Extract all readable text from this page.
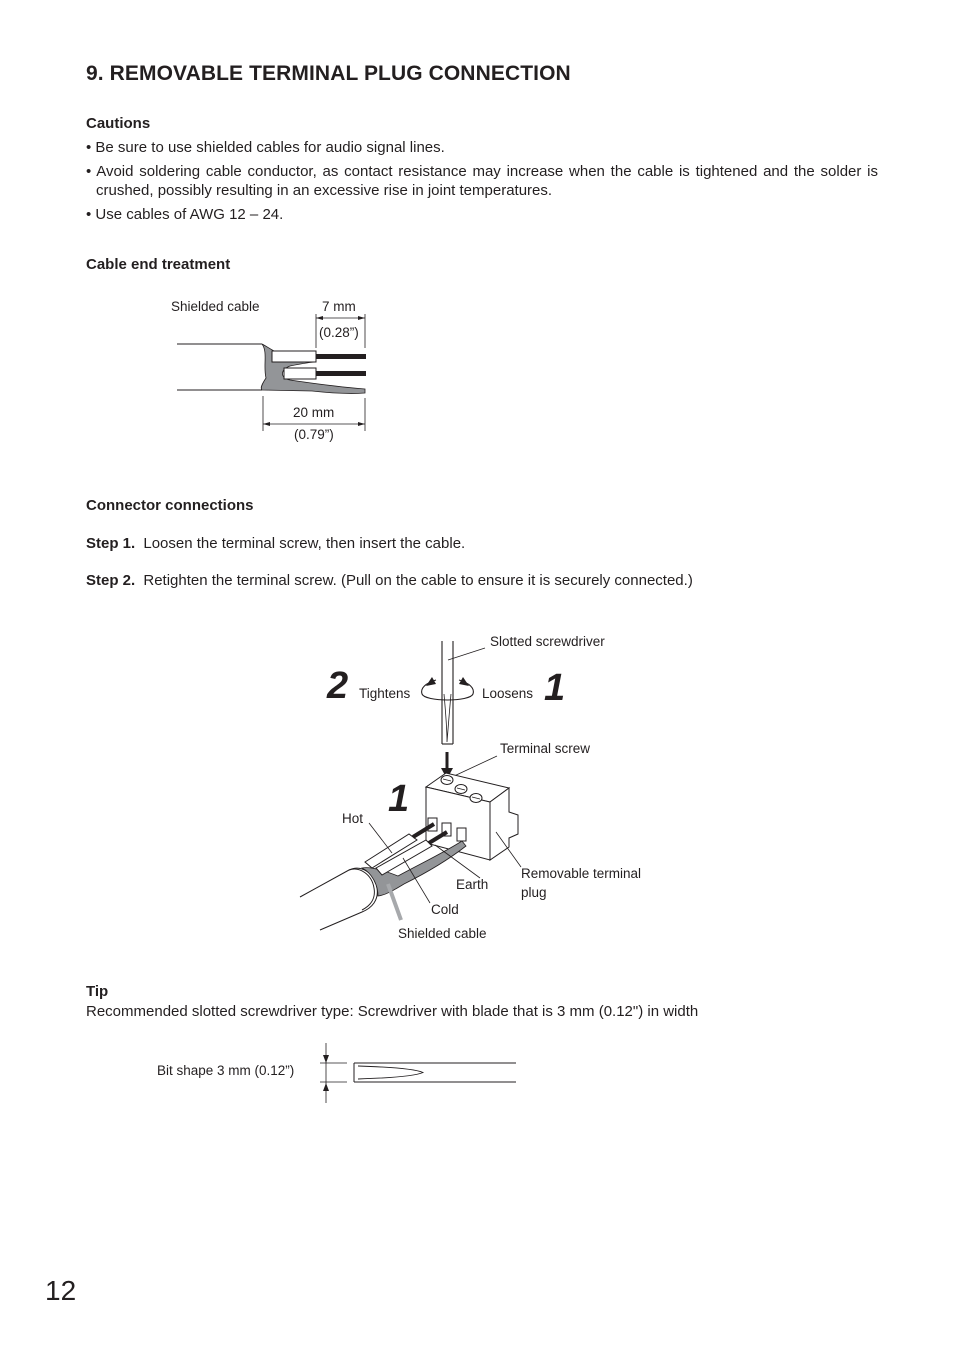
9. REMOVABLE TERMINAL PLUG CONNECTION
Cautions
• Be sure to use shielded cables for audio signal lines.
• Avoid soldering cable conductor, as contact resistance may increase when the cable is tightened and the solder is crushed, possibly resulting in an excessive rise in joint temperatures.
• Use cables of AWG 12 – 24.
Cable end treatment
Shielded cable	7 mm
(0.28”)
20 mm
(0.79”)
Connector connections
Step 1. Loosen the terminal screw, then insert the cable.
Step 2. Retighten the terminal screw. (Pull on the cable to ensure it is securely connected.)
Slotted screwdriver
2 Tightens	Loosens 1
Terminal screw
1
Hot
Earth
Cold
Shielded cable
Removable terminal
plug
Tip
Recommended slotted screwdriver type: Screwdriver with blade that is 3 mm (0.12") in width
Bit shape 3 mm (0.12”)
12
